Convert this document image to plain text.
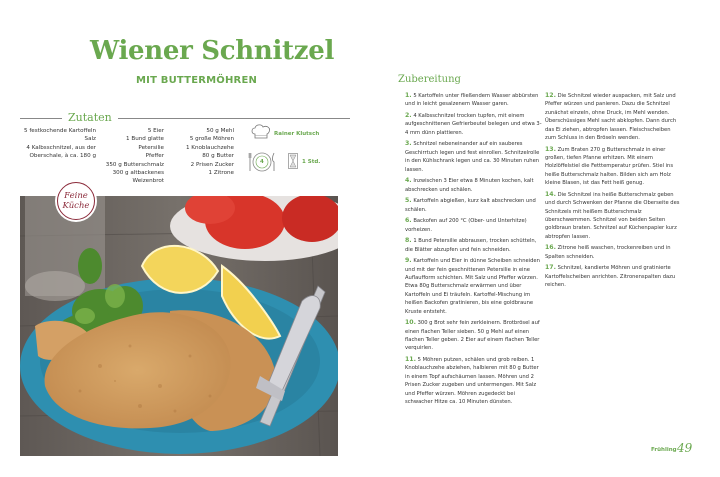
Wiener Schnitzel
MIT BUTTERMÖHREN
Zutaten
5 festkochende Kartoffeln
Salz
4 Kalbsschnitzel, aus der Oberschale, à ca. 180 g
5 Eier
1 Bund glatte Petersilie
Pfeffer
350 g Butterschmalz
300 g altbackenes Weizenbrot
50 g Mehl
5 große Möhren
1 Knoblauchzehe
80 g Butter
2 Prisen Zucker
1 Zitrone
Rainer Klutsch
4	1 Std.
Feine
Küche
Zubereitung
1. 5 Kartoffeln unter fließendem Wasser abbürsten und in leicht gesalzenem Wasser garen.
2. 4 Kalbsschnitzel trocken tupfen, mit einem aufgeschnittenen Gefrierbeutel belegen und etwa 3-4 mm dünn plattieren.
3. Schnitzel nebeneinander auf ein sauberes Geschirrtuch legen und fest einrollen. Schnitzelrolle in den Kühlschrank legen und ca. 30 Minuten ruhen lassen.
4. Inzwischen 3 Eier etwa 8 Minuten kochen, kalt abschrecken und schälen.
5. Kartoffeln abgießen, kurz kalt abschrecken und schälen.
6. Backofen auf 200 °C (Ober- und Unterhitze) vorheizen.
8. 1 Bund Petersilie abbrausen, trocken schütteln, die Blätter abzupfen und fein schneiden.
9. Kartoffeln und Eier in dünne Scheiben schneiden und mit der fein geschnittenen Petersilie in eine Auflaufform schichten. Mit Salz und Pfeffer würzen. Etwa 80g Butterschmalz erwärmen und über Kartoffeln und Ei träufeln. Kartoffel-Mischung im heißen Backofen gratinieren, bis eine goldbraune Kruste entsteht.
10. 300 g Brot sehr fein zerkleinern. Brotbrösel auf einen flachen Teller sieben. 50 g Mehl auf einen flachen Teller geben. 2 Eier auf einem flachen Teller verquirlen.
11. 5 Möhren putzen, schälen und grob reiben. 1 Knoblauchzehe abziehen, halbieren mit 80 g Butter in einem Topf aufschäumen lassen. Möhren und 2 Prisen Zucker zugeben und untermengen. Mit Salz und Pfeffer würzen. Möhren zugedeckt bei schwacher Hitze ca. 10 Minuten dünsten.
12. Die Schnitzel wieder auspacken, mit Salz und Pfeffer würzen und panieren. Dazu die Schnitzel zunächst einzeln, ohne Druck, im Mehl wenden. Überschüssiges Mehl sacht abklopfen. Dann durch das Ei ziehen, abtropfen lassen. Fleischscheiben zum Schluss in den Bröseln wenden.
13. Zum Braten 270 g Butterschmalz in einer großen, tiefen Pfanne erhitzen. Mit einem Holzlöffelstiel die Fetttemperatur prüfen. Stiel ins heiße Butterschmalz halten. Bilden sich am Holz kleine Blasen, ist das Fett heiß genug.
14. Die Schnitzel ins heiße Butterschmalz geben und durch Schwenken der Pfanne die Oberseite des Schnitzels mit heißem Butterschmalz überschwemmen. Schnitzel von beiden Seiten goldbraun braten. Schnitzel auf Küchenpapier kurz abtropfen lassen.
16. Zitrone heiß waschen, trockenreiben und in Spalten schneiden.
17. Schnitzel, kandierte Möhren und gratinierte Kartoffelscheiben anrichten. Zitronenspalten dazu reichen.
Frühling 49
